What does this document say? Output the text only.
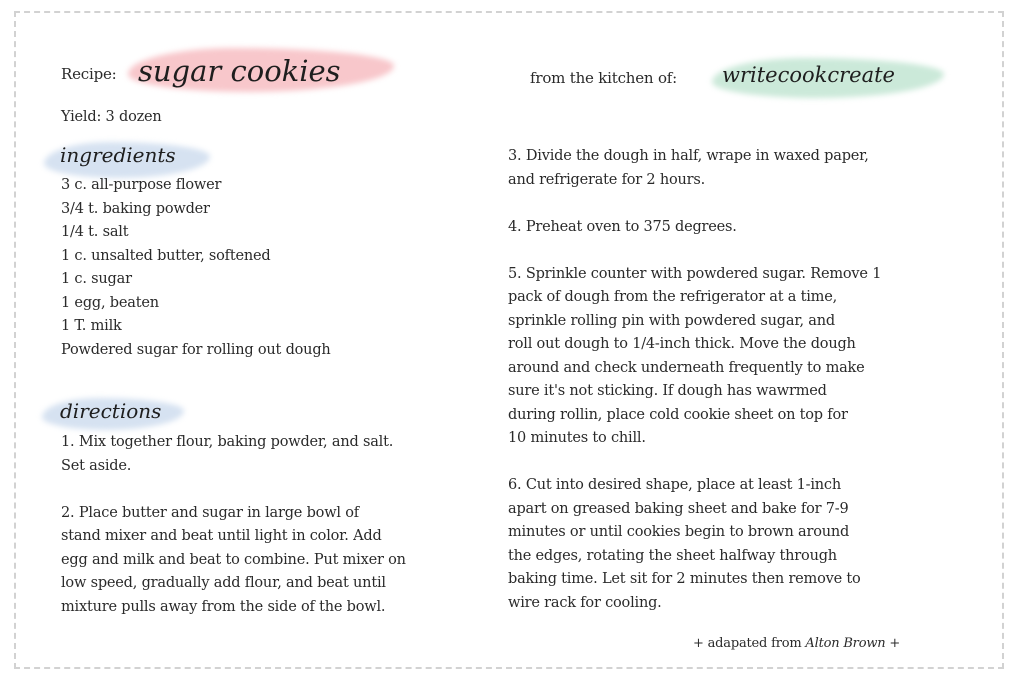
Recipe: sugar cookies	from the kitchen of: writecookcreate
Yield: 3 dozen
ingredients
3 c. all-purpose flower
3/4 t. baking powder
1/4 t. salt
1 c. unsalted butter, softened
1 c. sugar
1 egg, beaten
1 T. milk
Powdered sugar for rolling out dough
directions

1. Mix together flour, baking powder, and salt.
Set aside.

2. Place butter and sugar in large bowl of
stand mixer and beat until light in color. Add
egg and milk and beat to combine. Put mixer on
low speed, gradually add flour, and beat until
mixture pulls away from the side of the bowl.

3. Divide the dough in half, wrape in waxed paper,
and refrigerate for 2 hours.

4. Preheat oven to 375 degrees.

5. Sprinkle counter with powdered sugar. Remove 1
pack of dough from the refrigerator at a time,
sprinkle rolling pin with powdered sugar, and
roll out dough to 1/4-inch thick. Move the dough
around and check underneath frequently to make
sure it's not sticking. If dough has wawrmed
during rollin, place cold cookie sheet on top for
10 minutes to chill.

6. Cut into desired shape, place at least 1-inch
apart on greased baking sheet and bake for 7-9
minutes or until cookies begin to brown around
the edges, rotating the sheet halfway through
baking time. Let sit for 2 minutes then remove to
wire rack for cooling.

+ adapated from Alton Brown +
